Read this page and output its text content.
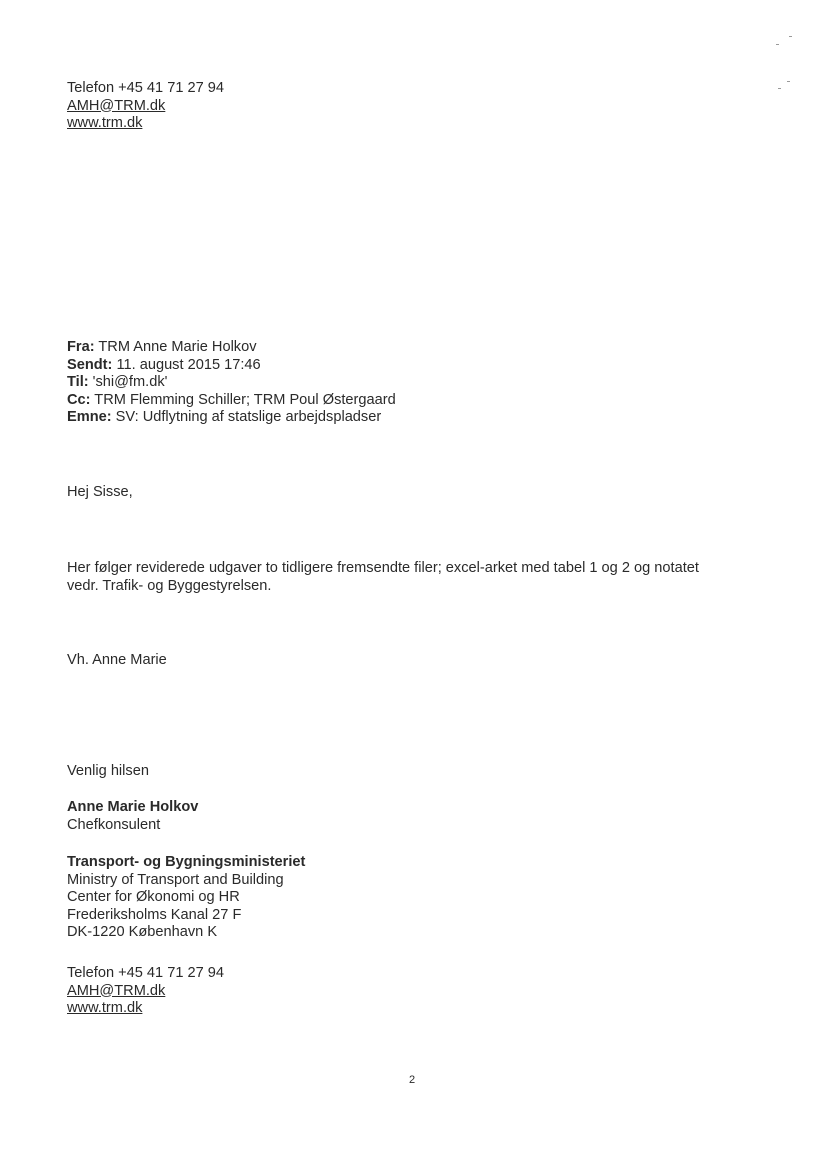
Telefon +45 41 71 27 94
AMH@TRM.dk
www.trm.dk
Fra: TRM Anne Marie Holkov
Sendt: 11. august 2015 17:46
Til: 'shi@fm.dk'
Cc: TRM Flemming Schiller; TRM Poul Østergaard
Emne: SV: Udflytning af statslige arbejdspladser
Hej Sisse,
Her følger reviderede udgaver to tidligere fremsendte filer; excel-arket med tabel 1 og 2 og notatet
vedr. Trafik- og Byggestyrelsen.
Vh. Anne Marie
Venlig hilsen
Anne Marie Holkov
Chefkonsulent
Transport- og Bygningsministeriet
Ministry of Transport and Building
Center for Økonomi og HR
Frederiksholms Kanal 27 F
DK-1220 København K
Telefon +45 41 71 27 94
AMH@TRM.dk
www.trm.dk
2
